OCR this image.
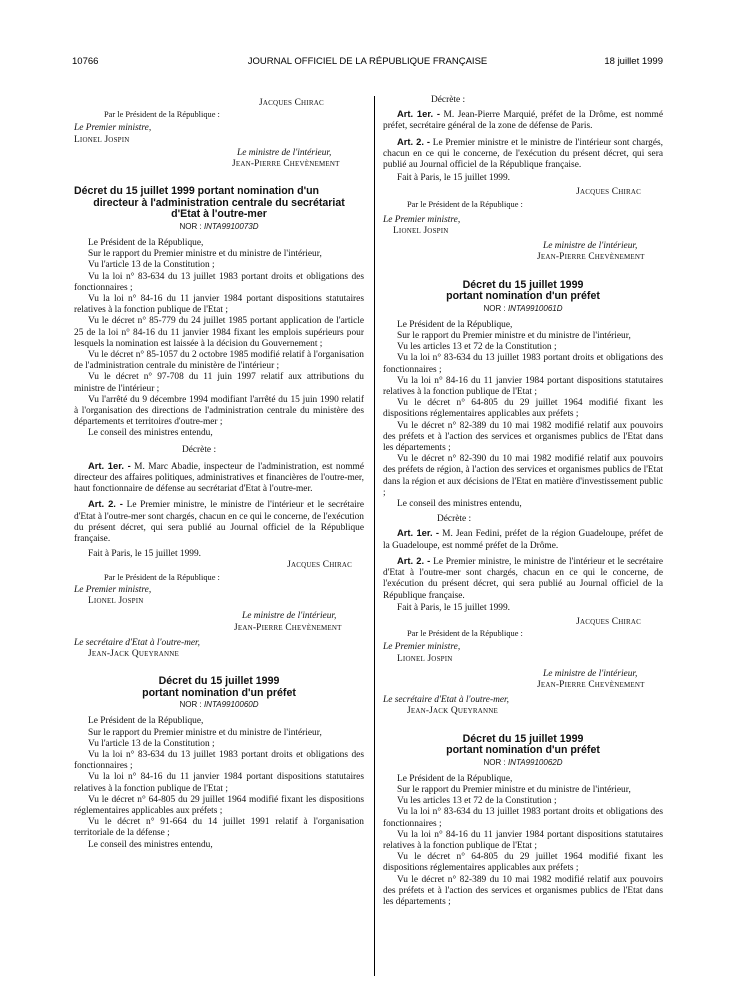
10766	JOURNAL OFFICIEL DE LA RÉPUBLIQUE FRANÇAISE	18 juillet 1999

Jacques Chirac

Par le Président de la République :

Le Premier ministre,

Lionel Jospin

Le ministre de l'intérieur,

Jean-Pierre Chevènement

Décret du 15 juillet 1999 portant nomination d'un

directeur à l'administration centrale du secrétariat

d'Etat à l'outre-mer

NOR : INTA9910073D

Le Président de la République,

Sur le rapport du Premier ministre et du ministre de l'intérieur,

Vu l'article 13 de la Constitution ;

Vu la loi n° 83-634 du 13 juillet 1983 portant droits et obligations des fonctionnaires ;

Vu la loi n° 84-16 du 11 janvier 1984 portant dispositions statutaires relatives à la fonction publique de l'Etat ;

Vu le décret n° 85-779 du 24 juillet 1985 portant application de l'article 25 de la loi n° 84-16 du 11 janvier 1984 fixant les emplois supérieurs pour lesquels la nomination est laissée à la décision du Gouvernement ;

Vu le décret n° 85-1057 du 2 octobre 1985 modifié relatif à l'organisation de l'administration centrale du ministère de l'intérieur ;

Vu le décret n° 97-708 du 11 juin 1997 relatif aux attributions du ministre de l'intérieur ;

Vu l'arrêté du 9 décembre 1994 modifiant l'arrêté du 15 juin 1990 relatif à l'organisation des directions de l'administration centrale du ministère des départements et territoires d'outre-mer ;

Le conseil des ministres entendu,

Décrète :

Art. 1er. - M. Marc Abadie, inspecteur de l'administration, est nommé directeur des affaires politiques, administratives et financières de l'outre-mer, haut fonctionnaire de défense au secrétariat d'Etat à l'outre-mer.

Art. 2. - Le Premier ministre, le ministre de l'intérieur et le secrétaire d'Etat à l'outre-mer sont chargés, chacun en ce qui le concerne, de l'exécution du présent décret, qui sera publié au Journal officiel de la République française.

Fait à Paris, le 15 juillet 1999.

Jacques Chirac

Par le Président de la République :

Le Premier ministre,

Lionel Jospin

Le ministre de l'intérieur,

Jean-Pierre Chevènement

Le secrétaire d'Etat à l'outre-mer,

Jean-Jack Queyranne

Décret du 15 juillet 1999

portant nomination d'un préfet

NOR : INTA9910060D

Le Président de la République,

Sur le rapport du Premier ministre et du ministre de l'intérieur,

Vu l'article 13 de la Constitution ;

Vu la loi n° 83-634 du 13 juillet 1983 portant droits et obligations des fonctionnaires ;

Vu la loi n° 84-16 du 11 janvier 1984 portant dispositions statutaires relatives à la fonction publique de l'Etat ;

Vu le décret n° 64-805 du 29 juillet 1964 modifié fixant les dispositions réglementaires applicables aux préfets ;

Vu le décret n° 91-664 du 14 juillet 1991 relatif à l'organisation territoriale de la défense ;

Le conseil des ministres entendu,

Décrète :

Art. 1er. - M. Jean-Pierre Marquié, préfet de la Drôme, est nommé préfet, secrétaire général de la zone de défense de Paris.

Art. 2. - Le Premier ministre et le ministre de l'intérieur sont chargés, chacun en ce qui le concerne, de l'exécution du présent décret, qui sera publié au Journal officiel de la République française.

Fait à Paris, le 15 juillet 1999.

Jacques Chirac

Par le Président de la République :

Le Premier ministre,

Lionel Jospin

Le ministre de l'intérieur,

Jean-Pierre Chevènement

Décret du 15 juillet 1999

portant nomination d'un préfet

NOR : INTA9910061D

Le Président de la République,

Sur le rapport du Premier ministre et du ministre de l'intérieur,

Vu les articles 13 et 72 de la Constitution ;

Vu la loi n° 83-634 du 13 juillet 1983 portant droits et obligations des fonctionnaires ;

Vu la loi n° 84-16 du 11 janvier 1984 portant dispositions statutaires relatives à la fonction publique de l'Etat ;

Vu le décret n° 64-805 du 29 juillet 1964 modifié fixant les dispositions réglementaires applicables aux préfets ;

Vu le décret n° 82-389 du 10 mai 1982 modifié relatif aux pouvoirs des préfets et à l'action des services et organismes publics de l'Etat dans les départements ;

Vu le décret n° 82-390 du 10 mai 1982 modifié relatif aux pouvoirs des préfets de région, à l'action des services et organismes publics de l'Etat dans la région et aux décisions de l'Etat en matière d'investissement public ;

Le conseil des ministres entendu,

Décrète :

Art. 1er. - M. Jean Fedini, préfet de la région Guadeloupe, préfet de la Guadeloupe, est nommé préfet de la Drôme.

Art. 2. - Le Premier ministre, le ministre de l'intérieur et le secrétaire d'Etat à l'outre-mer sont chargés, chacun en ce qui le concerne, de l'exécution du présent décret, qui sera publié au Journal officiel de la République française.

Fait à Paris, le 15 juillet 1999.

Jacques Chirac

Par le Président de la République :

Le Premier ministre,

Lionel Jospin

Le ministre de l'intérieur,

Jean-Pierre Chevènement

Le secrétaire d'Etat à l'outre-mer,

Jean-Jack Queyranne

Décret du 15 juillet 1999

portant nomination d'un préfet

NOR : INTA9910062D

Le Président de la République,

Sur le rapport du Premier ministre et du ministre de l'intérieur,

Vu les articles 13 et 72 de la Constitution ;

Vu la loi n° 83-634 du 13 juillet 1983 portant droits et obligations des fonctionnaires ;

Vu la loi n° 84-16 du 11 janvier 1984 portant dispositions statutaires relatives à la fonction publique de l'Etat ;

Vu le décret n° 64-805 du 29 juillet 1964 modifié fixant les dispositions réglementaires applicables aux préfets ;

Vu le décret n° 82-389 du 10 mai 1982 modifié relatif aux pouvoirs des préfets et à l'action des services et organismes publics de l'Etat dans les départements ;
